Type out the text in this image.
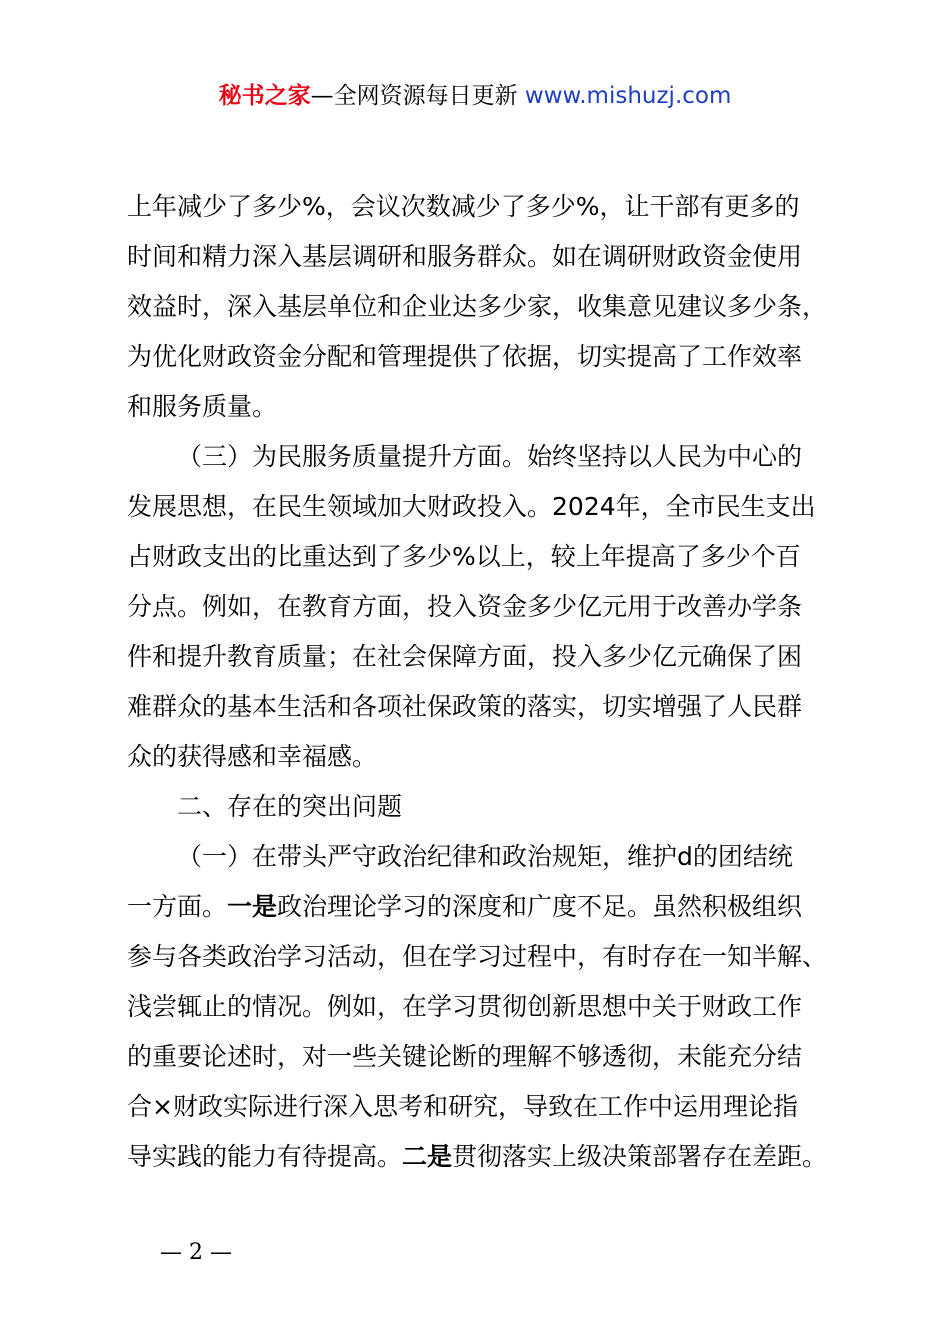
秘书之家—全网资源每日更新 www.mishuzj.com

上年减少了多少%，会议次数减少了多少%，让干部有更多的

时间和精力深入基层调研和服务群众。如在调研财政资金使用

效益时，深入基层单位和企业达多少家，收集意见建议多少条，

为优化财政资金分配和管理提供了依据，切实提高了工作效率

和服务质量。

（三）为民服务质量提升方面。始终坚持以人民为中心的

发展思想，在民生领域加大财政投入。2024年，全市民生支出

占财政支出的比重达到了多少%以上，较上年提高了多少个百

分点。例如，在教育方面，投入资金多少亿元用于改善办学条

件和提升教育质量；在社会保障方面，投入多少亿元确保了困

难群众的基本生活和各项社保政策的落实，切实增强了人民群

众的获得感和幸福感。

二、存在的突出问题

（一）在带头严守政治纪律和政治规矩，维护d的团结统

一方面。一是政治理论学习的深度和广度不足。虽然积极组织

参与各类政治学习活动，但在学习过程中，有时存在一知半解、

浅尝辄止的情况。例如，在学习贯彻创新思想中关于财政工作

的重要论述时，对一些关键论断的理解不够透彻，未能充分结

合×财政实际进行深入思考和研究，导致在工作中运用理论指

导实践的能力有待提高。二是贯彻落实上级决策部署存在差距。

— 2 —
